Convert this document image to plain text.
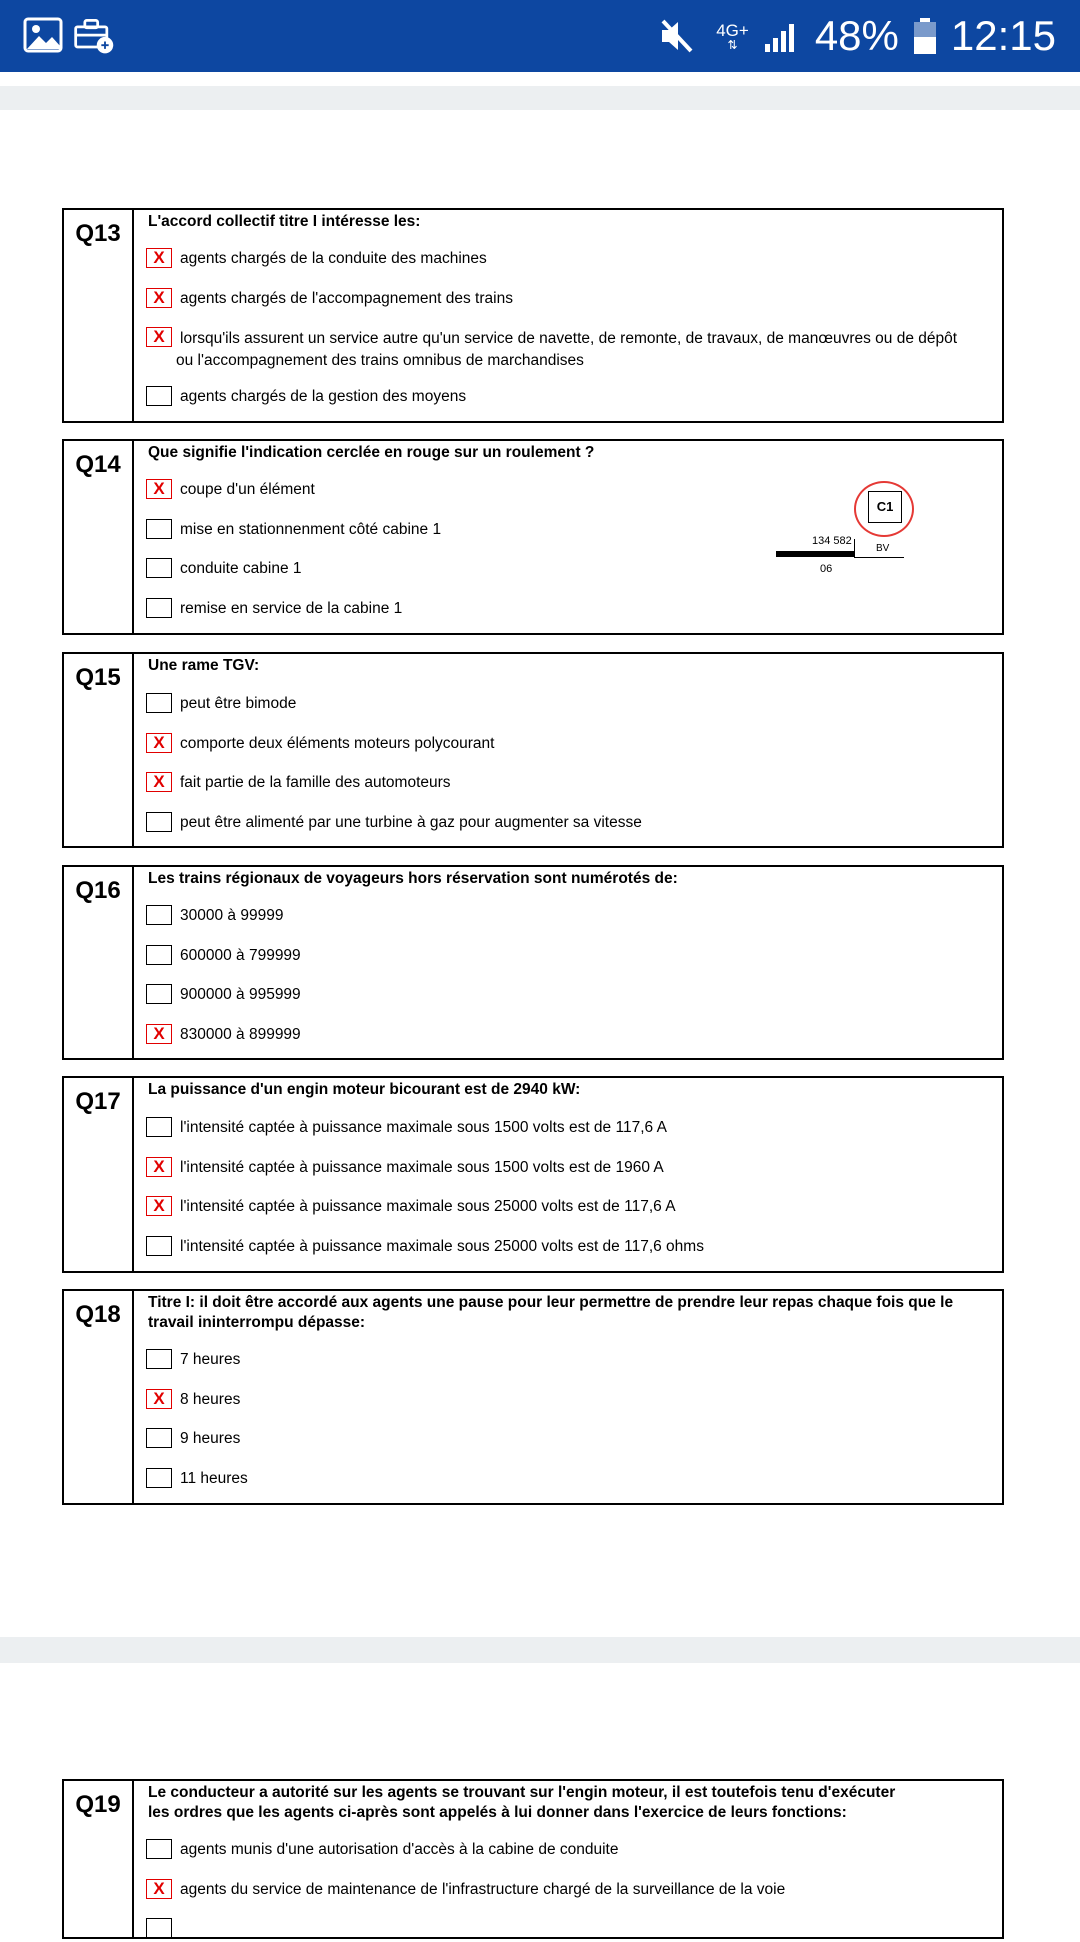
4G+
⇅ 48% 12:15
Q13	L'accord collectif titre I intéresse les:
X agents chargés de la conduite des machines
X agents chargés de l'accompagnement des trains
X lorsqu'ils assurent un service autre qu'un service de navette, de remonte, de travaux, de manœuvres ou de dépôt
ou l'accompagnement des trains omnibus de marchandises
agents chargés de la gestion des moyens
Q14	Que signifie l'indication cerclée en rouge sur un roulement ?
X coupe d'un élément
mise en stationnenment côté cabine 1
conduite cabine 1
remise en service de la cabine 1
C1
134 582
BV
06
Q15	Une rame TGV:
peut être bimode
X comporte deux éléments moteurs polycourant
X fait partie de la famille des automoteurs
peut être alimenté par une turbine à gaz pour augmenter sa vitesse
Q16	Les trains régionaux de voyageurs hors réservation sont numérotés de:
30000 à 99999
600000 à 799999
900000 à 995999
X 830000 à 899999
Q17	La puissance d'un engin moteur bicourant est de 2940 kW:
l'intensité captée à puissance maximale sous 1500 volts est de 117,6 A
X l'intensité captée à puissance maximale sous 1500 volts est de 1960 A
X l'intensité captée à puissance maximale sous 25000 volts est de 117,6 A
l'intensité captée à puissance maximale sous 25000 volts est de 117,6 ohms
Q18	Titre I: il doit être accordé aux agents une pause pour leur permettre de prendre leur repas chaque fois que le
travail ininterrompu dépasse:
7 heures
X 8 heures
9 heures
11 heures
Q19	Le conducteur a autorité sur les agents se trouvant sur l'engin moteur, il est toutefois tenu d'exécuter
les ordres que les agents ci-après sont appelés à lui donner dans l'exercice de leurs fonctions:
agents munis d'une autorisation d'accès à la cabine de conduite
X agents du service de maintenance de l'infrastructure chargé de la surveillance de la voie
